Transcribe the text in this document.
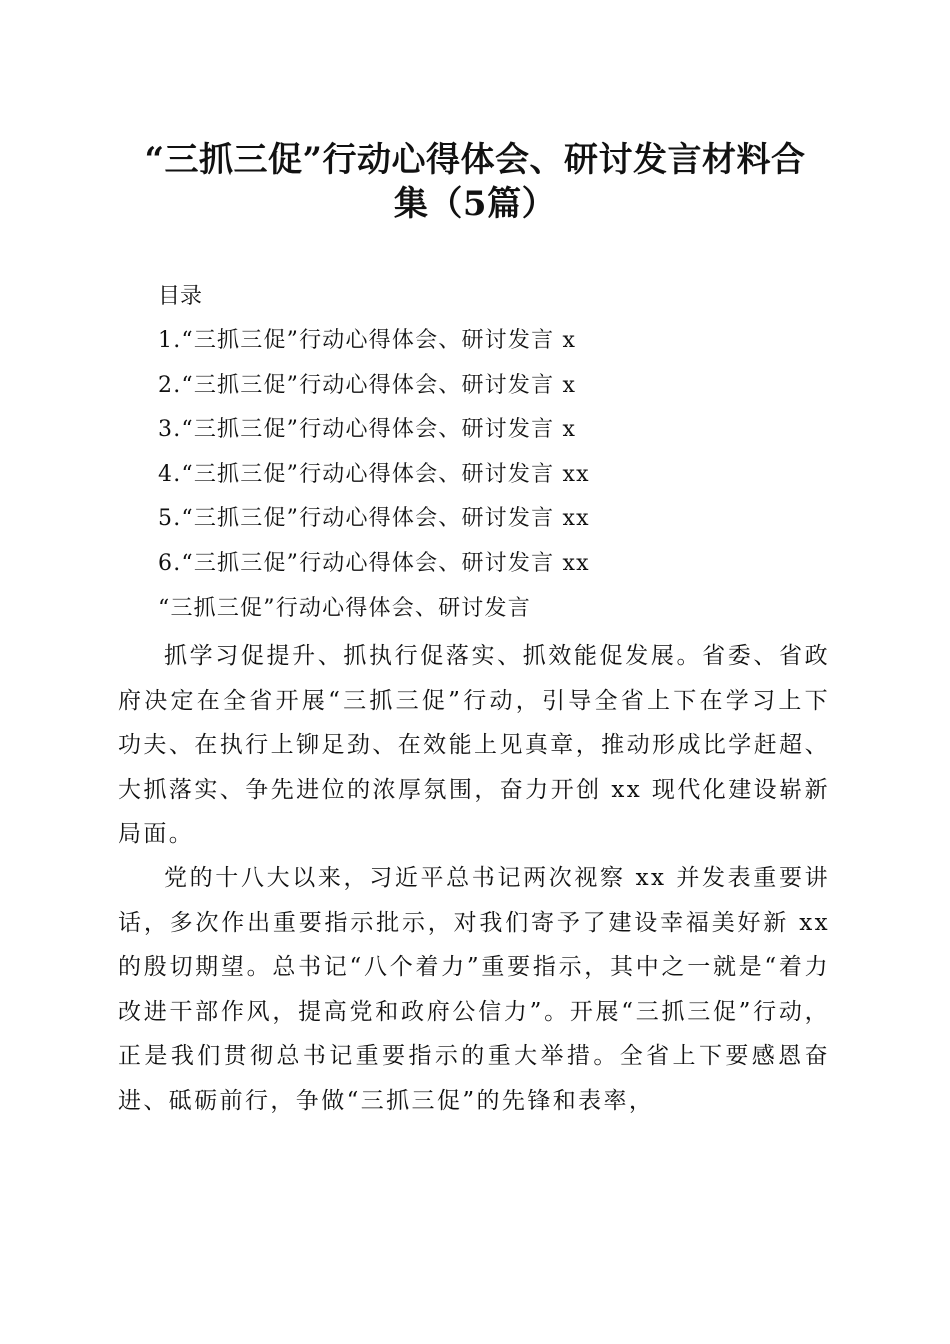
“三抓三促”行动心得体会、研讨发言材料合
集（5篇）
目录
1.“三抓三促”行动心得体会、研讨发言 x
2.“三抓三促”行动心得体会、研讨发言 x
3.“三抓三促”行动心得体会、研讨发言 x
4.“三抓三促”行动心得体会、研讨发言 xx
5.“三抓三促”行动心得体会、研讨发言 xx
6.“三抓三促”行动心得体会、研讨发言 xx
“三抓三促”行动心得体会、研讨发言

抓学习促提升、抓执行促落实、抓效能促发展。省委、省政府决定在全省开展“三抓三促”行动，引导全省上下在学习上下功夫、在执行上铆足劲、在效能上见真章，推动形成比学赶超、大抓落实、争先进位的浓厚氛围，奋力开创 xx 现代化建设崭新局面。

党的十八大以来，习近平总书记两次视察 xx 并发表重要讲话，多次作出重要指示批示，对我们寄予了建设幸福美好新 xx 的殷切期望。总书记“八个着力”重要指示，其中之一就是“着力改进干部作风，提高党和政府公信力”。开展“三抓三促”行动，正是我们贯彻总书记重要指示的重大举措。全省上下要感恩奋进、砥砺前行，争做“三抓三促”的先锋和表率，
